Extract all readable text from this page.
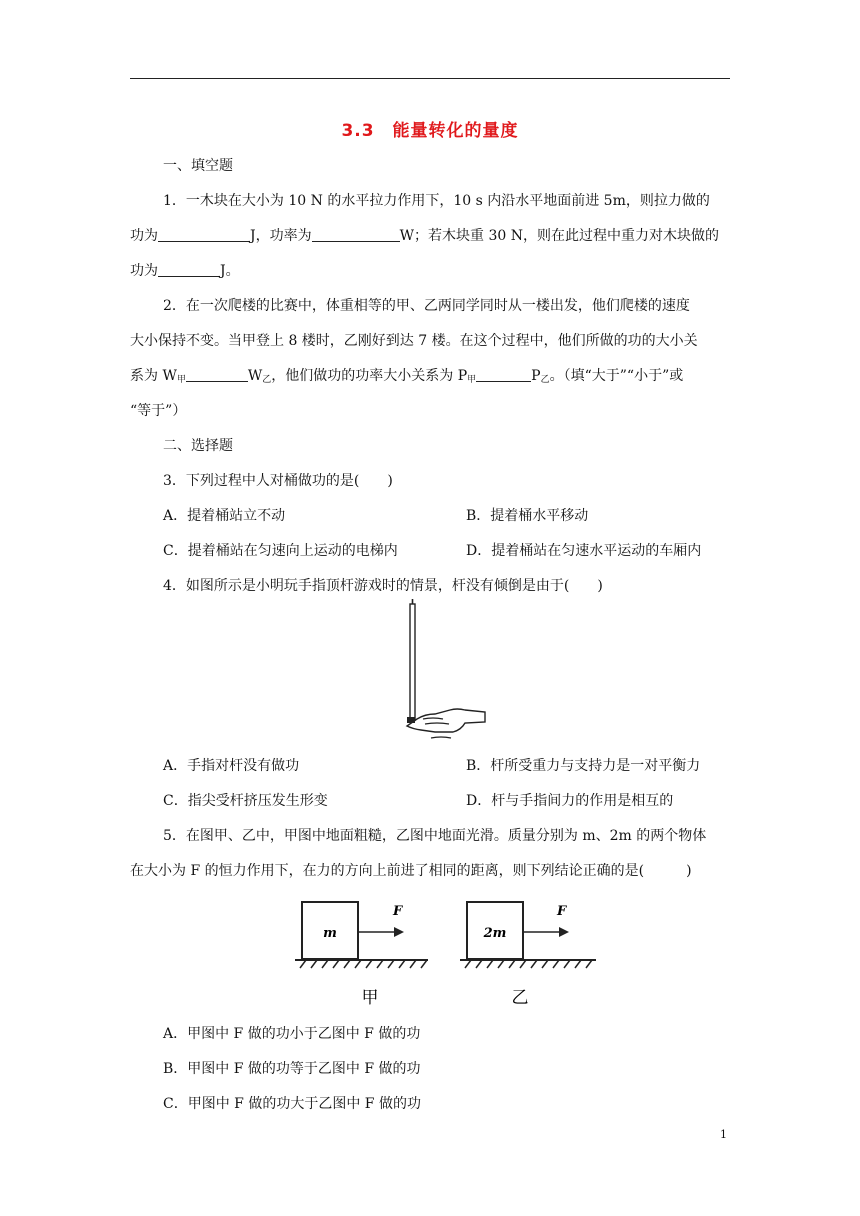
3.3　能量转化的量度
一、填空题
1．一木块在大小为 10 N 的水平拉力作用下，10 s 内沿水平地面前进 5m，则拉力做的
功为	J，功率为	W；若木块重 30 N，则在此过程中重力对木块做的
功为	J。
2．在一次爬楼的比赛中，体重相等的甲、乙两同学同时从一楼出发，他们爬楼的速度
大小保持不变。当甲登上 8 楼时，乙刚好到达 7 楼。在这个过程中，他们所做的功的大小关
系为 $W_甲$	$W_乙$，他们做功的功率大小关系为 $P_甲$	$P_乙$。（填“大于”“小于”或
“等于”）
二、选择题
3．下列过程中人对桶做功的是(　　)
A．提着桶站立不动	B．提着桶水平移动
C．提着桶站在匀速向上运动的电梯内	D．提着桶站在匀速水平运动的车厢内
4．如图所示是小明玩手指顶杆游戏时的情景，杆没有倾倒是由于(　　)
A．手指对杆没有做功	B．杆所受重力与支持力是一对平衡力
C．指尖受杆挤压发生形变	D．杆与手指间力的作用是相互的
5．在图甲、乙中，甲图中地面粗糙，乙图中地面光滑。质量分别为 m、2m 的两个物体
在大小为 F 的恒力作用下，在力的方向上前进了相同的距离，则下列结论正确的是(　　　)
m
F
甲
2m
F
乙
A．甲图中 F 做的功小于乙图中 F 做的功
B．甲图中 F 做的功等于乙图中 F 做的功
C．甲图中 F 做的功大于乙图中 F 做的功
1
